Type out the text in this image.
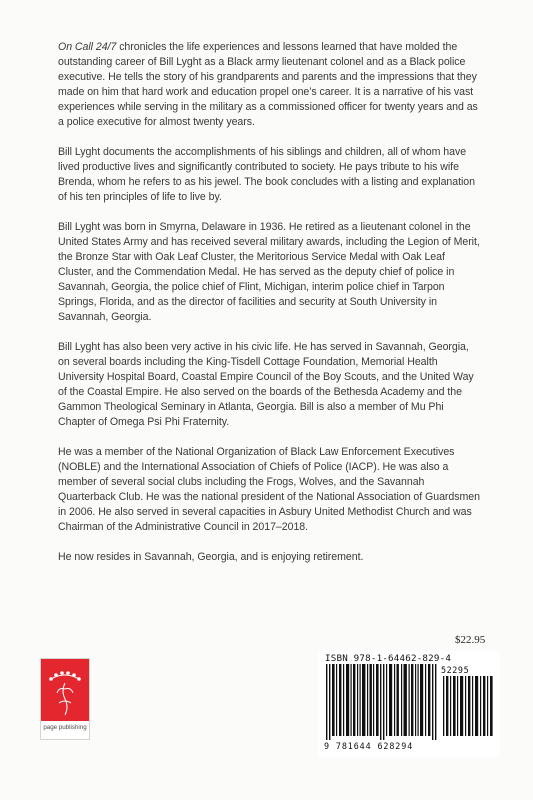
On Call 24/7 chronicles the life experiences and lessons learned that have molded the outstanding career of Bill Lyght as a Black army lieutenant colonel and as a Black police executive. He tells the story of his grandparents and parents and the impressions that they made on him that hard work and education propel one’s career. It is a narrative of his vast experiences while serving in the military as a commissioned officer for twenty years and as a police executive for almost twenty years.

Bill Lyght documents the accomplishments of his siblings and children, all of whom have lived productive lives and significantly contributed to society. He pays tribute to his wife Brenda, whom he refers to as his jewel. The book concludes with a listing and explanation of his ten principles of life to live by.

Bill Lyght was born in Smyrna, Delaware in 1936. He retired as a lieutenant colonel in the United States Army and has received several military awards, including the Legion of Merit, the Bronze Star with Oak Leaf Cluster, the Meritorious Service Medal with Oak Leaf Cluster, and the Commendation Medal. He has served as the deputy chief of police in Savannah, Georgia, the police chief of Flint, Michigan, interim police chief in Tarpon Springs, Florida, and as the director of facilities and security at South University in Savannah, Georgia.

Bill Lyght has also been very active in his civic life. He has served in Savannah, Georgia, on several boards including the King-Tisdell Cottage Foundation, Memorial Health University Hospital Board, Coastal Empire Council of the Boy Scouts, and the United Way of the Coastal Empire. He also served on the boards of the Bethesda Academy and the Gammon Theological Seminary in Atlanta, Georgia. Bill is also a member of Mu Phi Chapter of Omega Psi Phi Fraternity.

He was a member of the National Organization of Black Law Enforcement Executives (NOBLE) and the International Association of Chiefs of Police (IACP). He was also a member of several social clubs including the Frogs, Wolves, and the Savannah Quarterback Club. He was the national president of the National Association of Guardsmen in 2006. He also served in several capacities in Asbury United Methodist Church and was Chairman of the Administrative Council in 2017–2018.

He now resides in Savannah, Georgia, and is enjoying retirement.

page publishing
$22.95
ISBN 978-1-64462-829-4
52295
9 781644 628294
